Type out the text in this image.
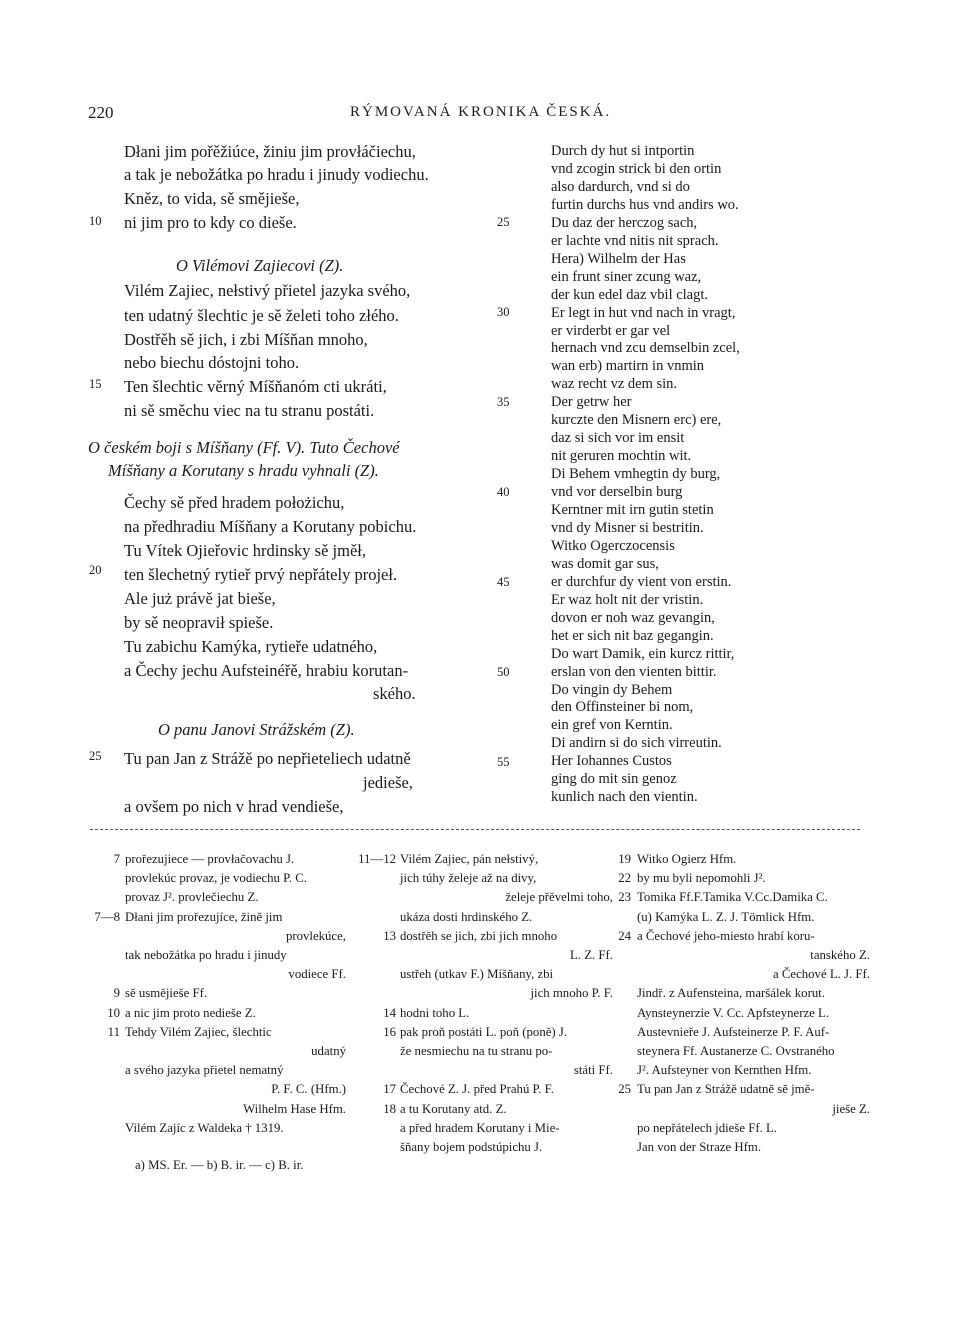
220	RÝMOVANÁ KRONIKA ČESKÁ.
Dłani jim pořěžiúce, žiniu jim provłáčiechu,
a tak je nebožátka po hradu i jinudy vodiechu.
Kněz, to vida, sě smějieše,
ni jim pro to kdy co dieše.
O Vilémovi Zajiecovi (Z).
Vilém Zajiec, nełstivý přietel jazyka svého,
ten udatný šlechtic je sě želeti toho złého.
Dostřěh sě jich, i zbi Míšňan mnoho,
nebo biechu dóstojni toho.
Ten šlechtic věrný Míšňanóm cti ukráti,
ni sě směchu viec na tu stranu postáti.
O českém boji s Míšňany (Ff. V). Tuto Čechové
Míšňany a Korutany s hradu vyhnali (Z).
Čechy sě před hradem położichu,
na předhradiu Míšňany a Korutany pobichu.
Tu Vítek Ojieřovic hrdinsky sě jměł,
ten šlechetný rytieř prvý nepřátely projeł.
Ale już právě jat bieše,
by sě neopravił spieše.
Tu zabichu Kamýka, rytieře udatného,
a Čechy jechu Aufsteinéřě, hrabiu korutan-
ského.
O panu Janovi Strážském (Z).
Tu pan Jan z Strážě po nepřieteliech udatně
jedieše,
a ovšem po nich v hrad vendieše,
10
15
20
25
Durch dy hut si intportin
vnd zcogin strick bi den ortin
also dardurch, vnd si do
furtin durchs hus vnd andirs wo.
Du daz der herczog sach,
er lachte vnd nitis nit sprach.
Hera) Wilhelm der Has
ein frunt siner zcung waz,
der kun edel daz vbil clagt.
Er legt in hut vnd nach in vragt,
er virderbt er gar vel
hernach vnd zcu demselbin zcel,
wan erb) martirn in vnmin
waz recht vz dem sin.
Der getrw her
kurczte den Misnern erc) ere,
daz si sich vor im ensit
nit geruren mochtin wit.
Di Behem vmhegtin dy burg,
vnd vor derselbin burg
Kerntner mit irn gutin stetin
vnd dy Misner si bestritin.
Witko Ogerczocensis
was domit gar sus,
er durchfur dy vient von erstin.
Er waz holt nit der vristin.
dovon er noh waz gevangin,
het er sich nit baz gegangin.
Do wart Damik, ein kurcz rittir,
erslan von den vienten bittir.
Do vingin dy Behem
den Offinsteiner bi nom,
ein gref von Kerntin.
Di andirn si do sich virreutin.
Her Iohannes Custos
ging do mit sin genoz
kunlich nach den vientin.
25
30
35
40
45
50
55
7 prořezujiece — provłačovachu J.
provlekúc provaz, je vodiechu P. C.
provaz J². provlečiechu Z.
7—8 Dłani jim prořezujíce, žině jim
provlekúce,
tak nebožátka po hradu i jinudy
vodiece Ff.
9 sě usmějieše Ff.
10 a nic jim proto nedieše Z.
11 Tehdy Vilém Zajiec, šlechtic
udatný
a svého jazyka přietel nematný
P. F. C. (Hfm.)
Wilhelm Hase Hfm.
Vilém Zajíc z Waldeka † 1319.
11—12 Vilém Zajiec, pán nełstivý,
jich túhy želeje až na divy,
želeje přěvelmi toho,
ukáza dosti hrdinského Z.
13 dostřěh se jich, zbi jich mnoho
L. Z. Ff.
ustřeh (utkav F.) Míšňany, zbi
jich mnoho P. F.
14 hodni toho L.
16 pak proň postáti L. poň (poně) J.
že nesmiechu na tu stranu po-
státi Ff.
17 Čechové Z. J. před Prahú P. F.
18 a tu Korutany atd. Z.
a před hradem Korutany i Mie-
šňany bojem podstúpichu J.
19 Witko Ogierz Hfm.
22 by mu byli nepomohli J².
23 Tomika Ff.F.Tamika V.Cc.Damika C.
(u) Kamýka L. Z. J. Tömlick Hfm.
24 a Čechové jeho-miesto hrabí koru-
tanského Z.
a Čechové L. J. Ff.
Jindř. z Aufensteina, maršálek korut.
Aynsteynerzie V. Cc. Apfsteynerze L.
Austevnieře J. Aufsteinerze P. F. Auf-
steynera Ff. Austanerze C. Ovstraného
J². Aufsteyner von Kernthen Hfm.
25 Tu pan Jan z Strážě udatně sě jmě-
jieše Z.
po nepřátelech jdieše Ff. L.
Jan von der Straze Hfm.
a) MS. Er. — b) B. ir. — c) B. ir.
